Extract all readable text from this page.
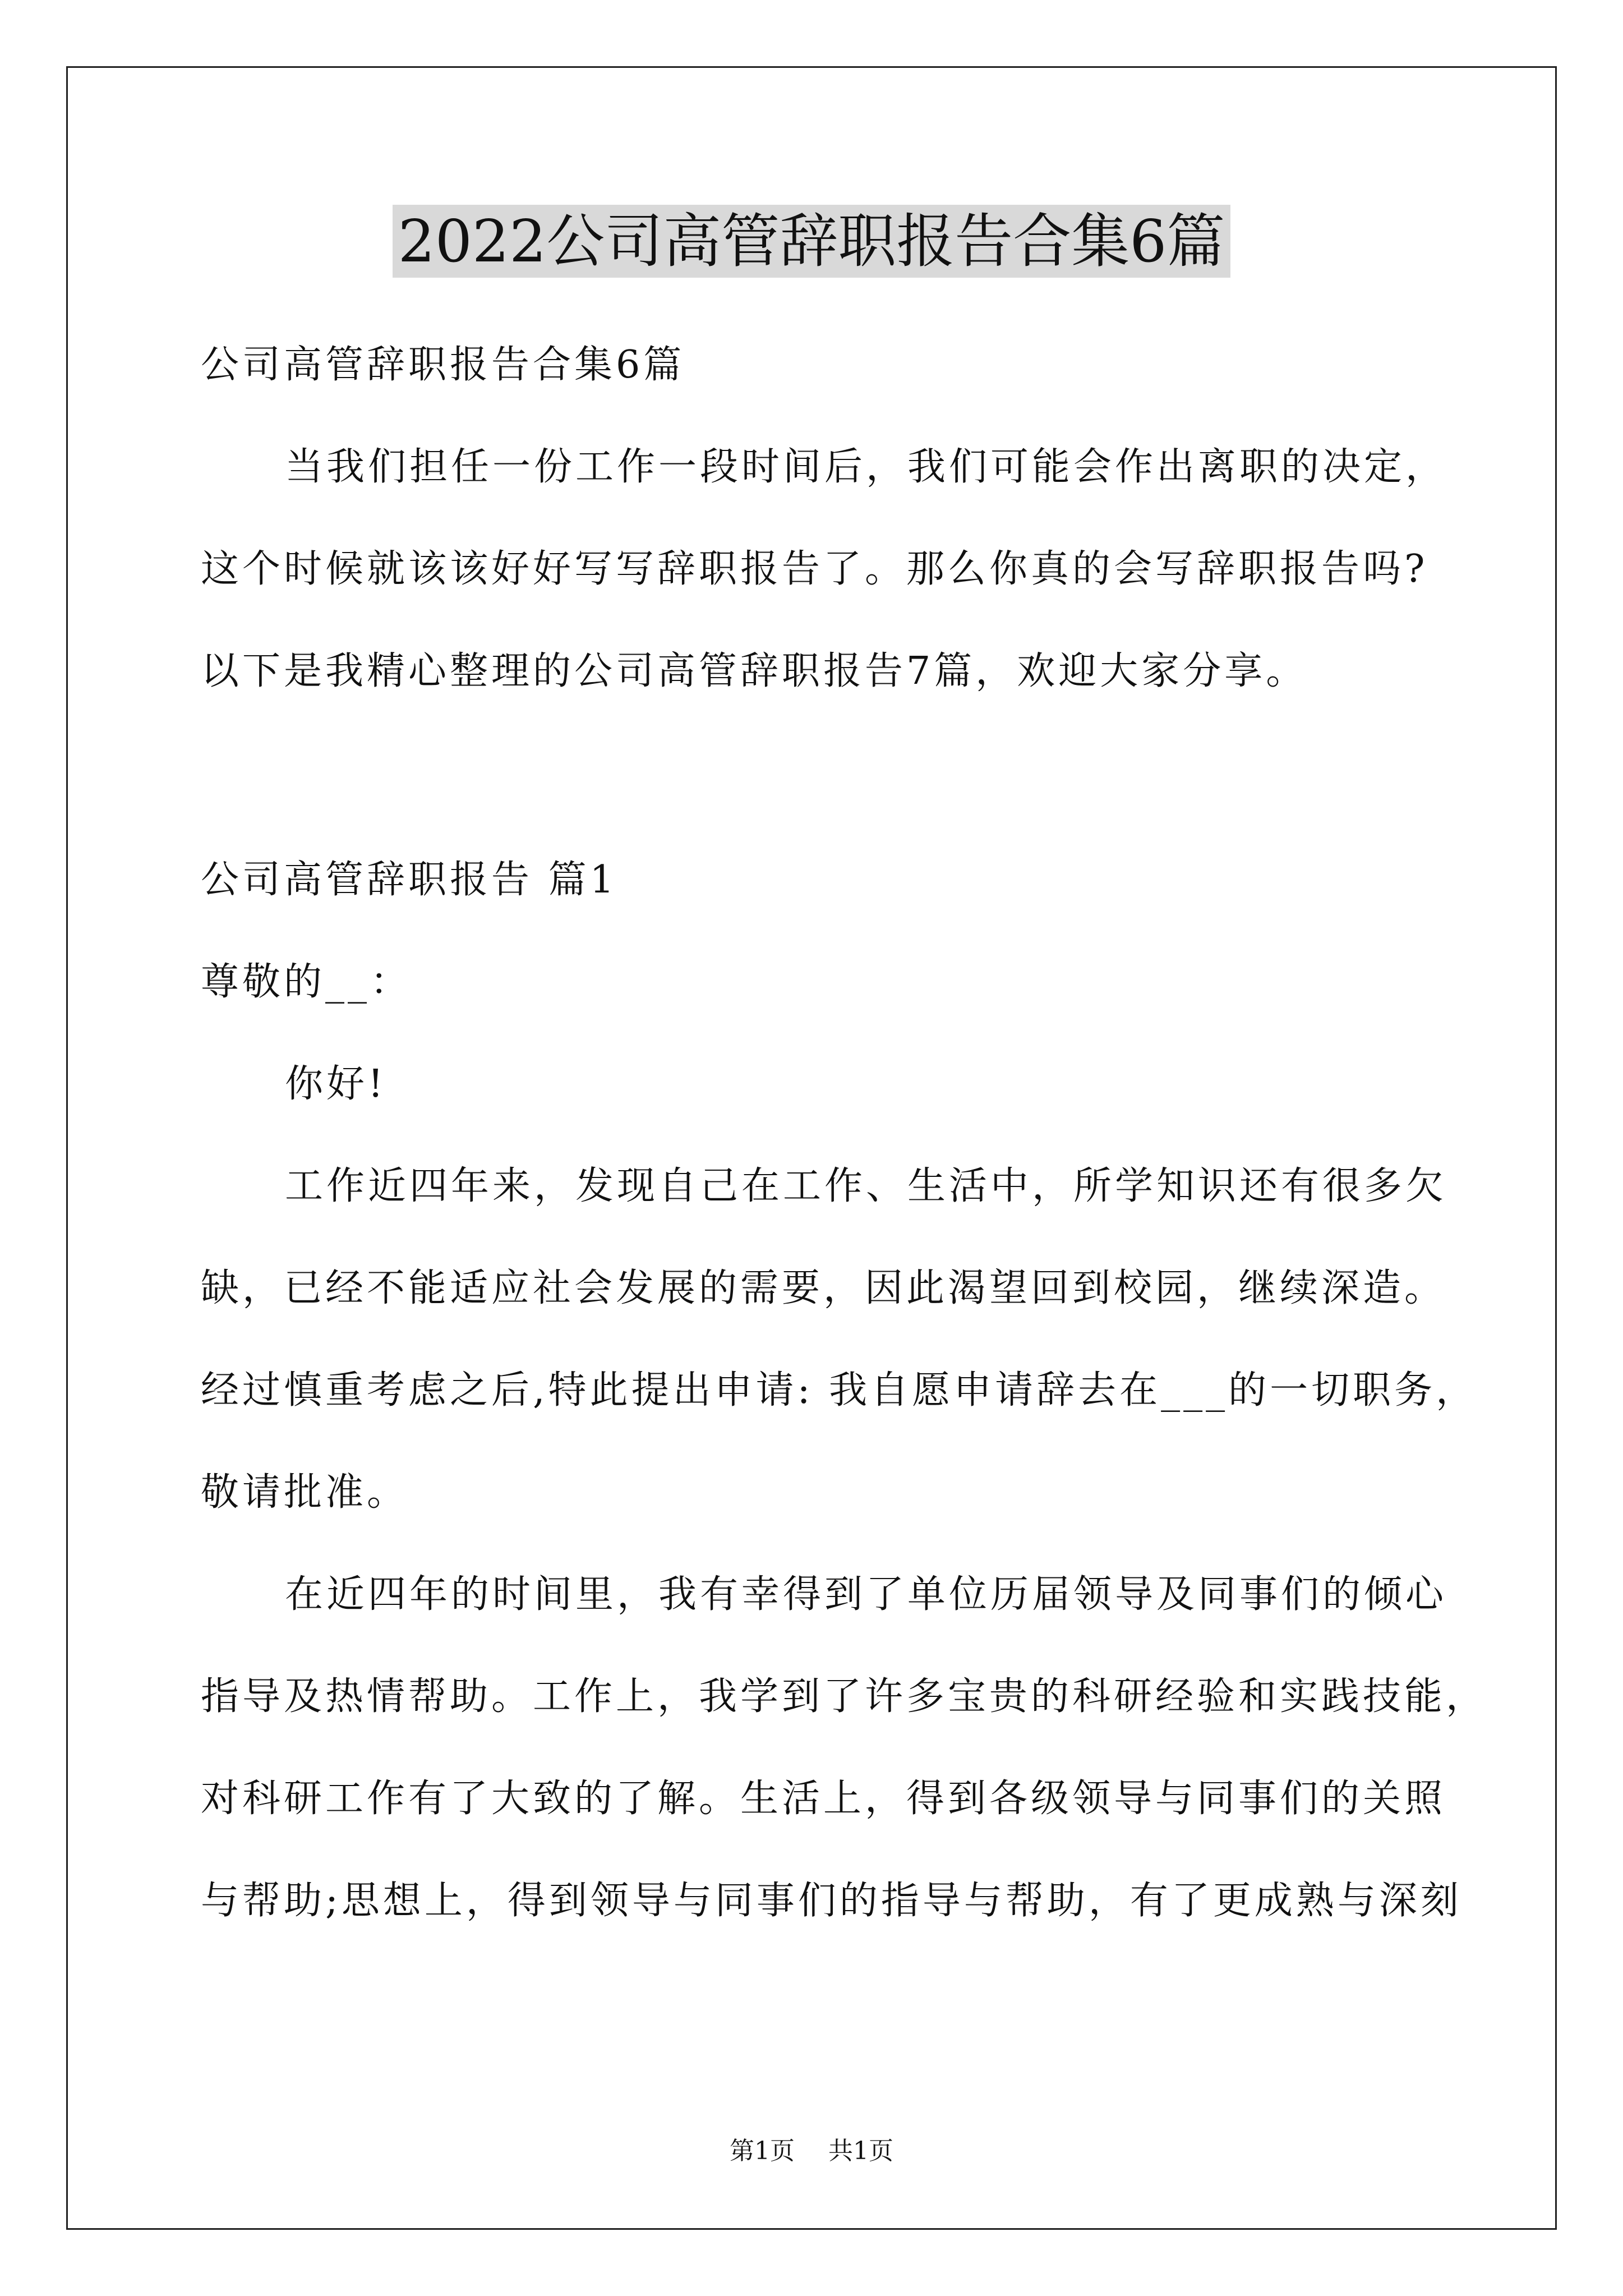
2022公司高管辞职报告合集6篇
公司高管辞职报告合集6篇
当我们担任一份工作一段时间后，我们可能会作出离职的决定，
这个时候就该该好好写写辞职报告了。那么你真的会写辞职报告吗?
以下是我精心整理的公司高管辞职报告7篇，欢迎大家分享。
公司高管辞职报告 篇1
尊敬的__：
你好!
工作近四年来，发现自己在工作、生活中，所学知识还有很多欠
缺，已经不能适应社会发展的需要，因此渴望回到校园，继续深造。
经过慎重考虑之后,特此提出申请: 我自愿申请辞去在___的一切职务，
敬请批准。
在近四年的时间里，我有幸得到了单位历届领导及同事们的倾心
指导及热情帮助。工作上，我学到了许多宝贵的科研经验和实践技能，
对科研工作有了大致的了解。生活上，得到各级领导与同事们的关照
与帮助;思想上，得到领导与同事们的指导与帮助，有了更成熟与深刻
第1页 共1页
